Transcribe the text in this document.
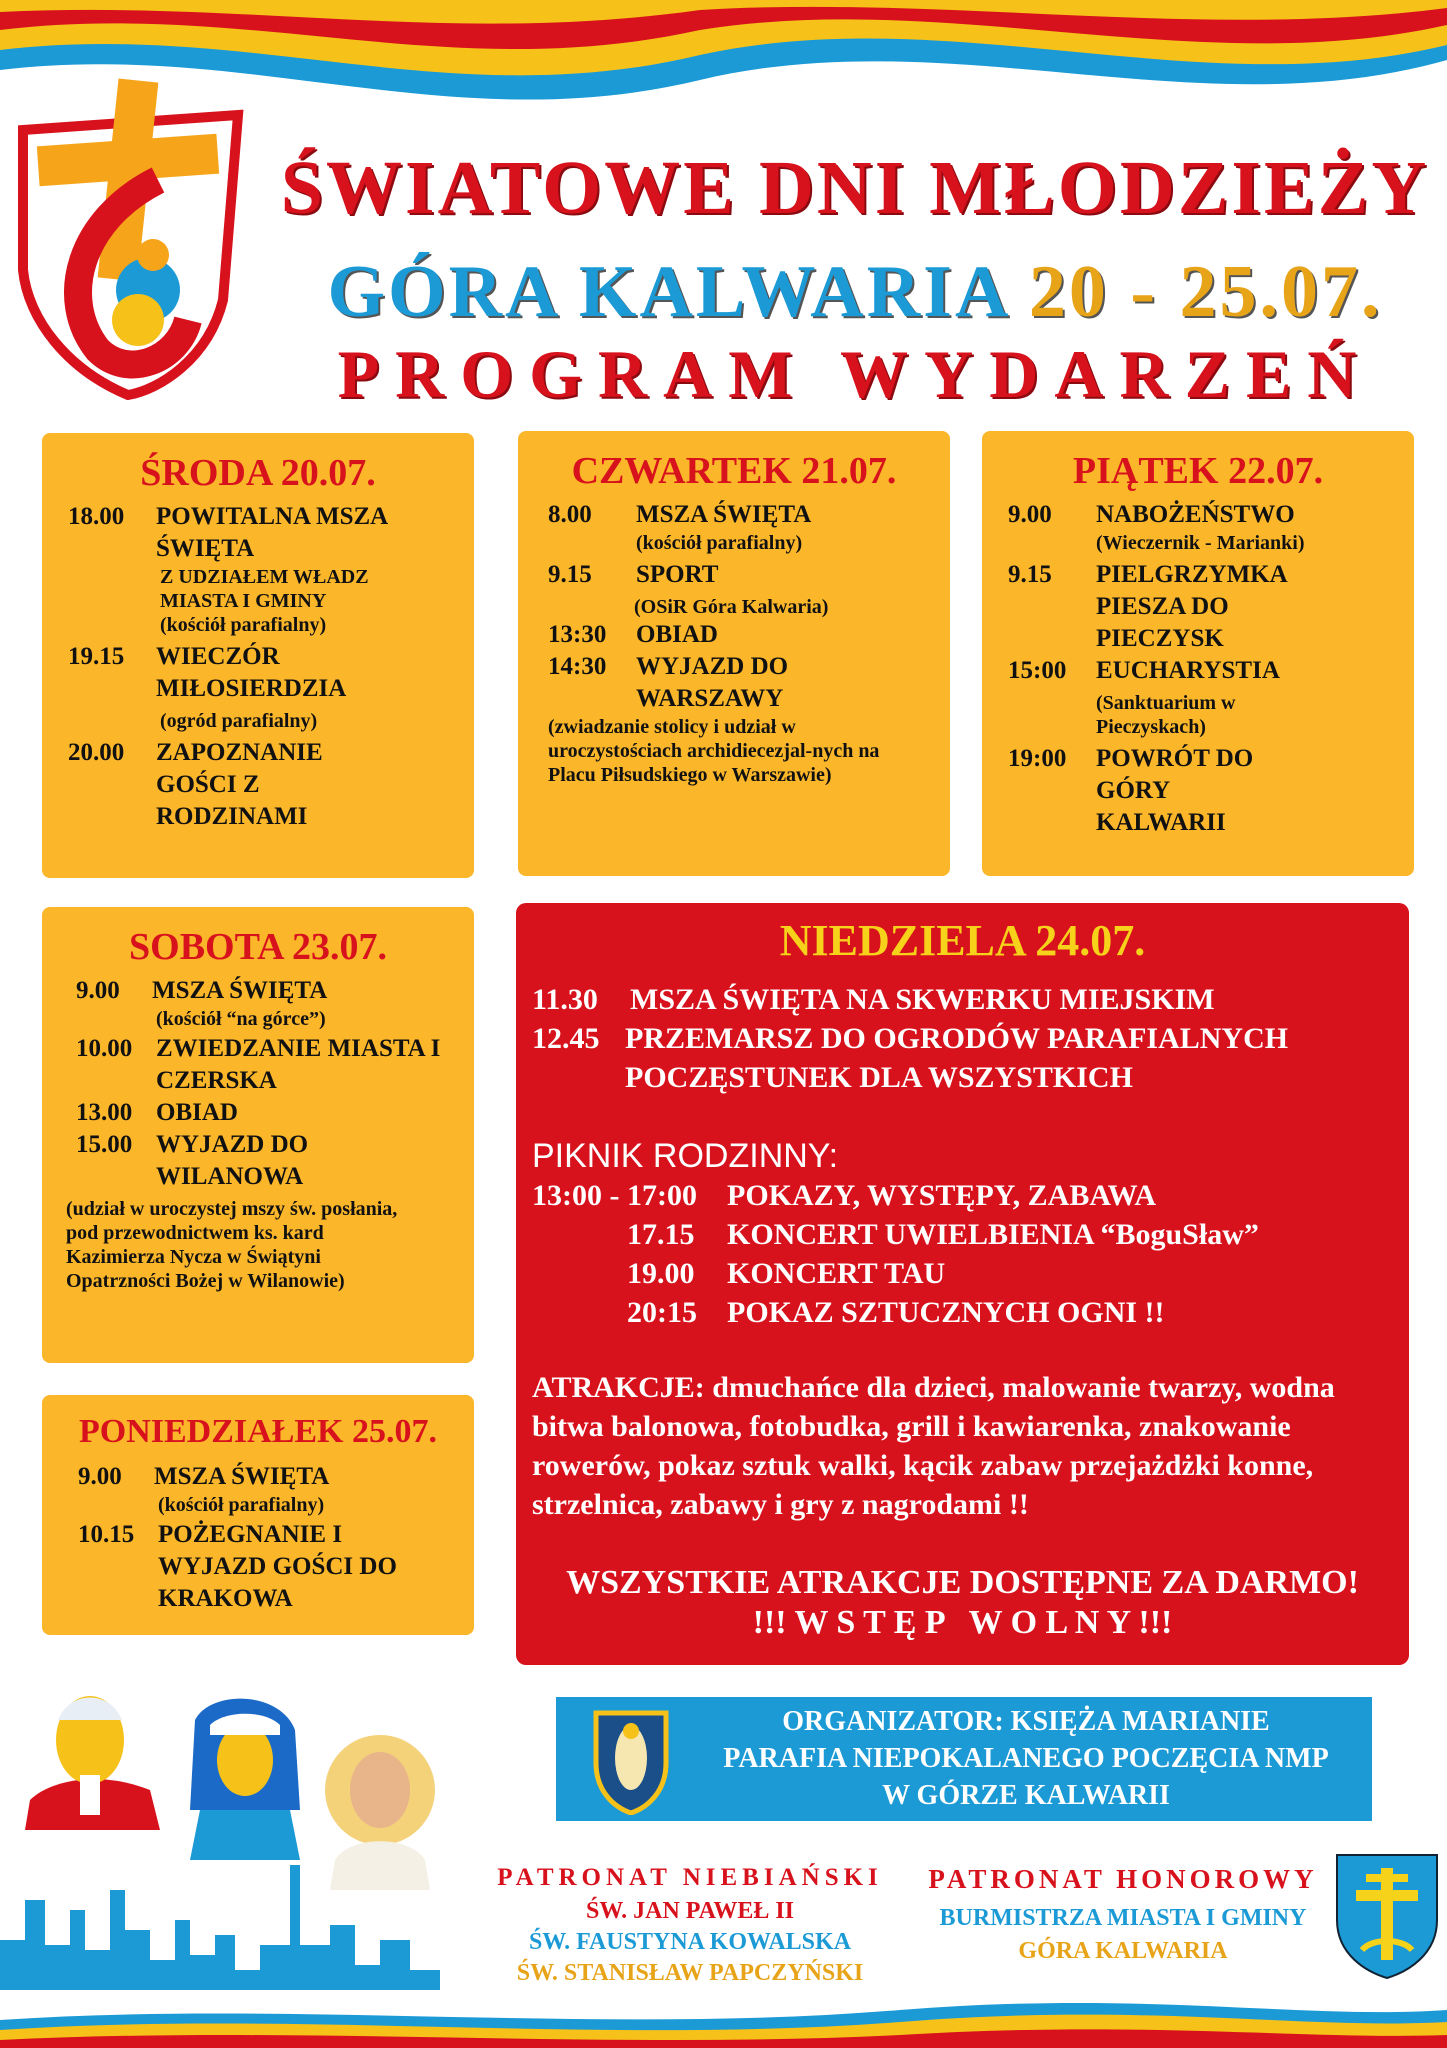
ŚWIATOWE DNI MŁODZIEŻY
GÓRA KALWARIA 20 - 25.07.
PROGRAM WYDARZEŃ
ŚRODA 20.07.
18.00	POWITALNA MSZA ŚWIĘTA
Z UDZIAŁEM WŁADZ MIASTA I GMINY
(kościół parafialny)
19.15	WIECZÓR MIŁOSIERDZIA
(ogród parafialny)
20.00	ZAPOZNANIE GOŚCI Z RODZINAMI
CZWARTEK 21.07.
8.00	MSZA ŚWIĘTA
(kościół parafialny)
9.15	SPORT
(OSiR Góra Kalwaria)
13:30	OBIAD
14:30	WYJAZD DO WARSZAWY
(zwiadzanie stolicy i udział w uroczystościach archidiecezjal-nych na Placu Piłsudskiego w Warszawie)
PIĄTEK 22.07.
9.00	NABOŻEŃSTWO
(Wieczernik - Marianki)
9.15	PIELGRZYMKA PIESZA DO PIECZYSK
15:00	EUCHARYSTIA
(Sanktuarium w Pieczyskach)
19:00	POWRÓT DO GÓRY KALWARII
SOBOTA 23.07.
9.00	MSZA ŚWIĘTA
(kościół “na górce”)
10.00 ZWIEDZANIE MIASTA I CZERSKA
13.00 OBIAD
15.00 WYJAZD DO WILANOWA
(udział w uroczystej mszy św. posłania, pod przewodnictwem ks. kard Kazimierza Nycza w Świątyni Opatrzności Bożej w Wilanowie)
PONIEDZIAŁEK 25.07.
9.00	MSZA ŚWIĘTA
(kościół parafialny)
10.15 POŻEGNANIE I WYJAZD GOŚCI DO KRAKOWA
NIEDZIELA 24.07.
11.30	MSZA ŚWIĘTA NA SKWERKU MIEJSKIM
12.45 PRZEMARSZ DO OGRODÓW PARAFIALNYCH
POCZĘSTUNEK DLA WSZYSTKICH
PIKNIK RODZINNY:
13:00 - 17:00	POKAZY, WYSTĘPY, ZABAWA
17.15	KONCERT UWIELBIENIA “BoguSław”
19.00	KONCERT TAU
20:15	POKAZ SZTUCZNYCH OGNI !!
ATRAKCJE: dmuchańce dla dzieci, malowanie twarzy, wodna bitwa balonowa, fotobudka, grill i kawiarenka, znakowanie rowerów, pokaz sztuk walki, kącik zabaw przejażdżki konne, strzelnica, zabawy i gry z nagrodami !!
WSZYSTKIE ATRAKCJE DOSTĘPNE ZA DARMO!
!!! W S T Ę P   W O L N Y !!!
ORGANIZATOR: KSIĘŻA MARIANIE
PARAFIA NIEPOKALANEGO POCZĘCIA NMP
W GÓRZE KALWARII
PATRONAT NIEBIAŃSKI
ŚW. JAN PAWEŁ II
ŚW. FAUSTYNA KOWALSKA
ŚW. STANISŁAW PAPCZYŃSKI
PATRONAT HONOROWY
BURMISTRZA MIASTA I GMINY
GÓRA KALWARIA
